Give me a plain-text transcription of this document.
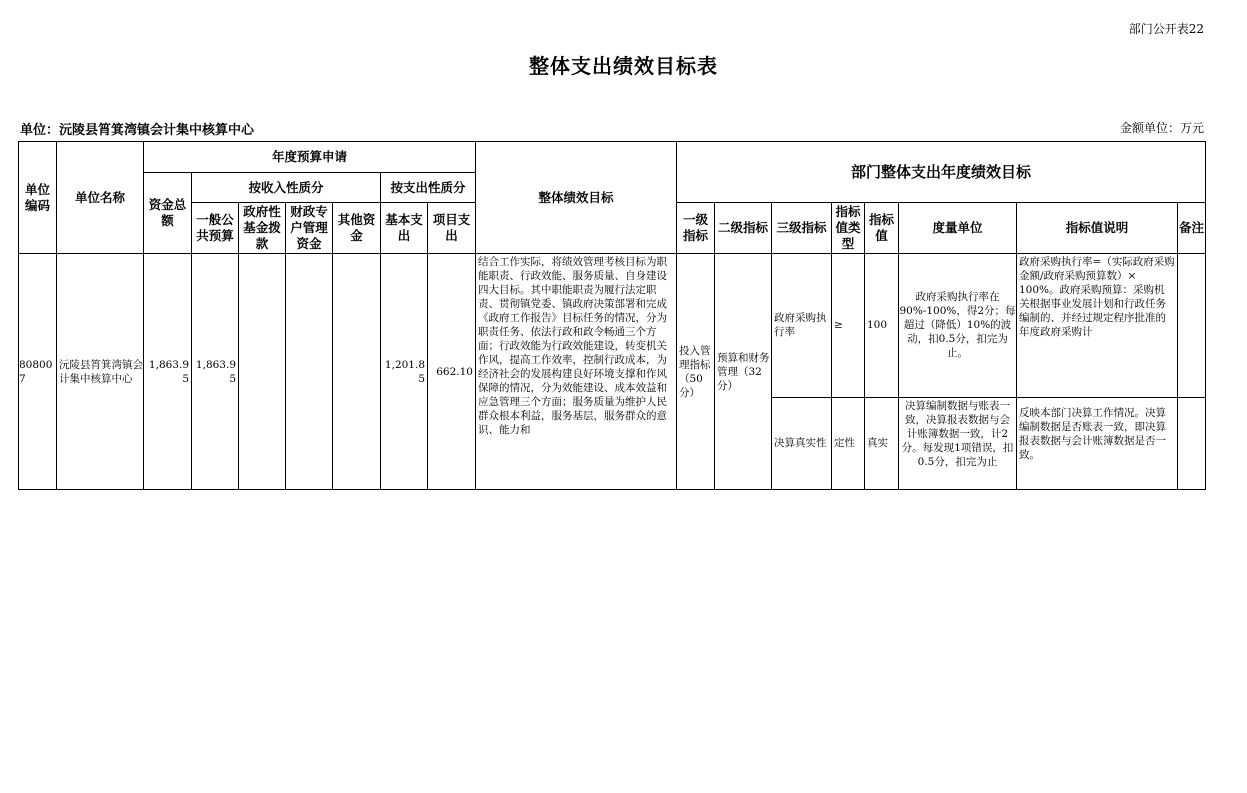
部门公开表22
整体支出绩效目标表
单位：沅陵县筲箕湾镇会计集中核算中心	金额单位：万元
单位编码	单位名称	年度预算申请							整体绩效目标	部门整体支出年度绩效目标							
		资金总额	按收入性质分				按支出性质分										
			一般公共预算	政府性基金拨款	财政专户管理资金	其他资金	基本支出	项目支出		一级指标	二级指标	三级指标	指标值类型	指标值	度量单位	指标值说明	备注
808007	沅陵县筲箕湾镇会计集中核算中心	1,863.95	1,863.95				1,201.85	662.10	结合工作实际，将绩效管理考核目标为职能职责、行政效能、服务质量、自身建设四大目标。其中职能职责为履行法定职责、贯彻镇党委、镇政府决策部署和完成《政府工作报告》目标任务的情况，分为职责任务、依法行政和政令畅通三个方面；行政效能为行政效能建设，转变机关作风，提高工作效率，控制行政成本，为经济社会的发展构建良好环境支撑和作风保障的情况，分为效能建设、成本效益和应急管理三个方面；服务质量为维护人民群众根本利益，服务基层，服务群众的意识、能力和	投入管理指标（50分）	预算和财务管理（32分）	政府采购执行率	≥	100	政府采购执行率在90%-100%，得2分；每超过（降低）10%的波动，扣0.5分，扣完为止。	政府采购执行率=（实际政府采购金额/政府采购预算数）× 100%。政府采购预算：采购机关根据事业发展计划和行政任务编制的、并经过规定程序批准的年度政府采购计	

												决算真实性	定性	真实	决算编制数据与账表一致，决算报表数据与会计账簿数据一致，计2分。每发现1项错误，扣0.5分，扣完为止	反映本部门决算工作情况。决算编制数据是否账表一致，即决算报表数据与会计账簿数据是否一致。	
